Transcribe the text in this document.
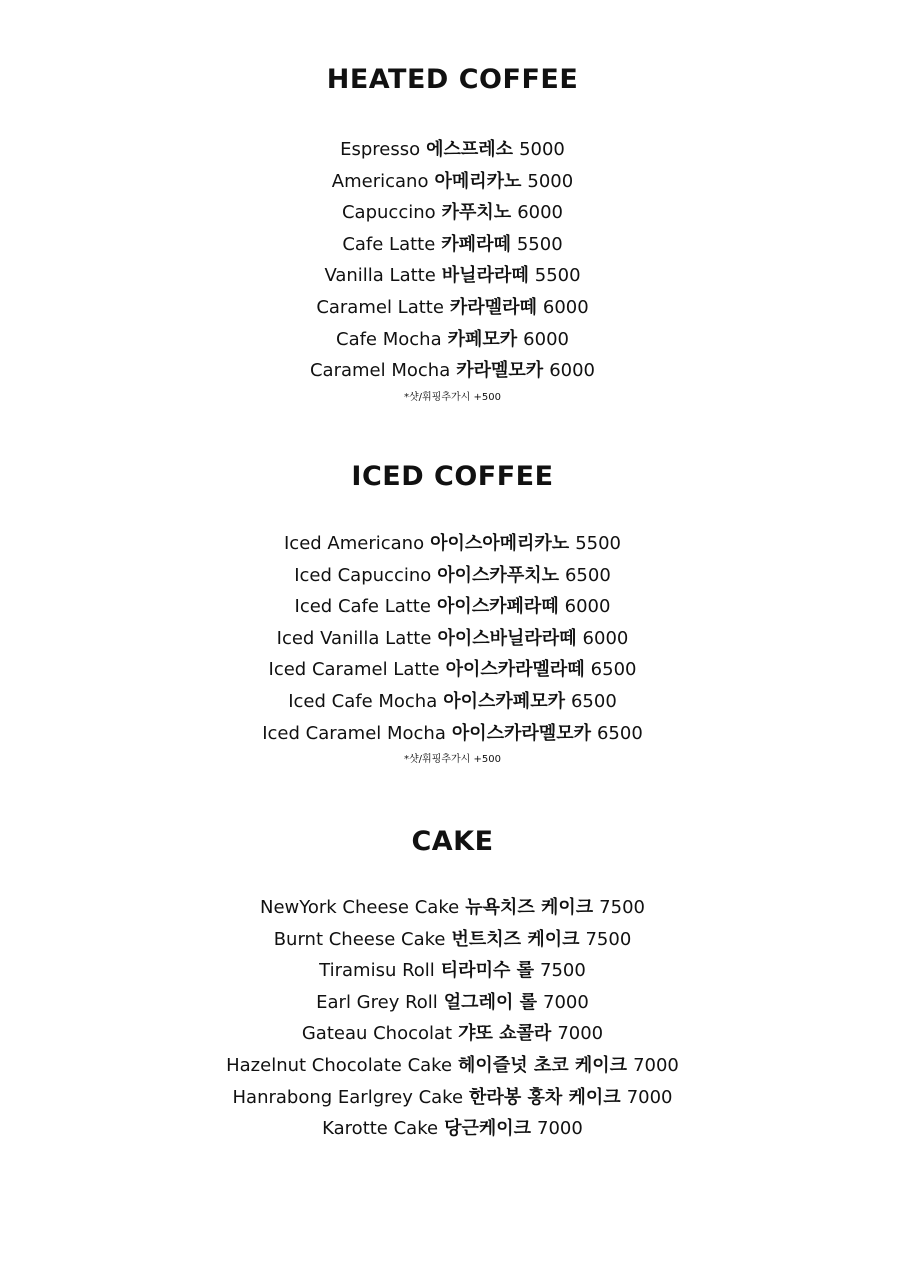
HEATED COFFEE
Espresso 에스프레소 5000
Americano 아메리카노 5000
Capuccino 카푸치노 6000
Cafe Latte 카페라떼 5500
Vanilla Latte 바닐라라떼 5500
Caramel Latte 카라멜라떼 6000
Cafe Mocha 카페모카 6000
Caramel Mocha 카라멜모카 6000
*샷/휘핑추가시 +500
ICED COFFEE
Iced Americano 아이스아메리카노 5500
Iced Capuccino 아이스카푸치노 6500
Iced Cafe Latte 아이스카페라떼 6000
Iced Vanilla Latte 아이스바닐라라떼 6000
Iced Caramel Latte 아이스카라멜라떼 6500
Iced Cafe Mocha 아이스카페모카 6500
Iced Caramel Mocha 아이스카라멜모카 6500
*샷/휘핑추가시 +500
CAKE
NewYork Cheese Cake 뉴욕치즈 케이크 7500
Burnt Cheese Cake 번트치즈 케이크 7500
Tiramisu Roll 티라미수 롤 7500
Earl Grey Roll 얼그레이 롤 7000
Gateau Chocolat 갸또 쇼콜라 7000
Hazelnut Chocolate Cake 헤이즐넛 초코 케이크 7000
Hanrabong Earlgrey Cake 한라봉 홍차 케이크 7000
Karotte Cake 당근케이크 7000
